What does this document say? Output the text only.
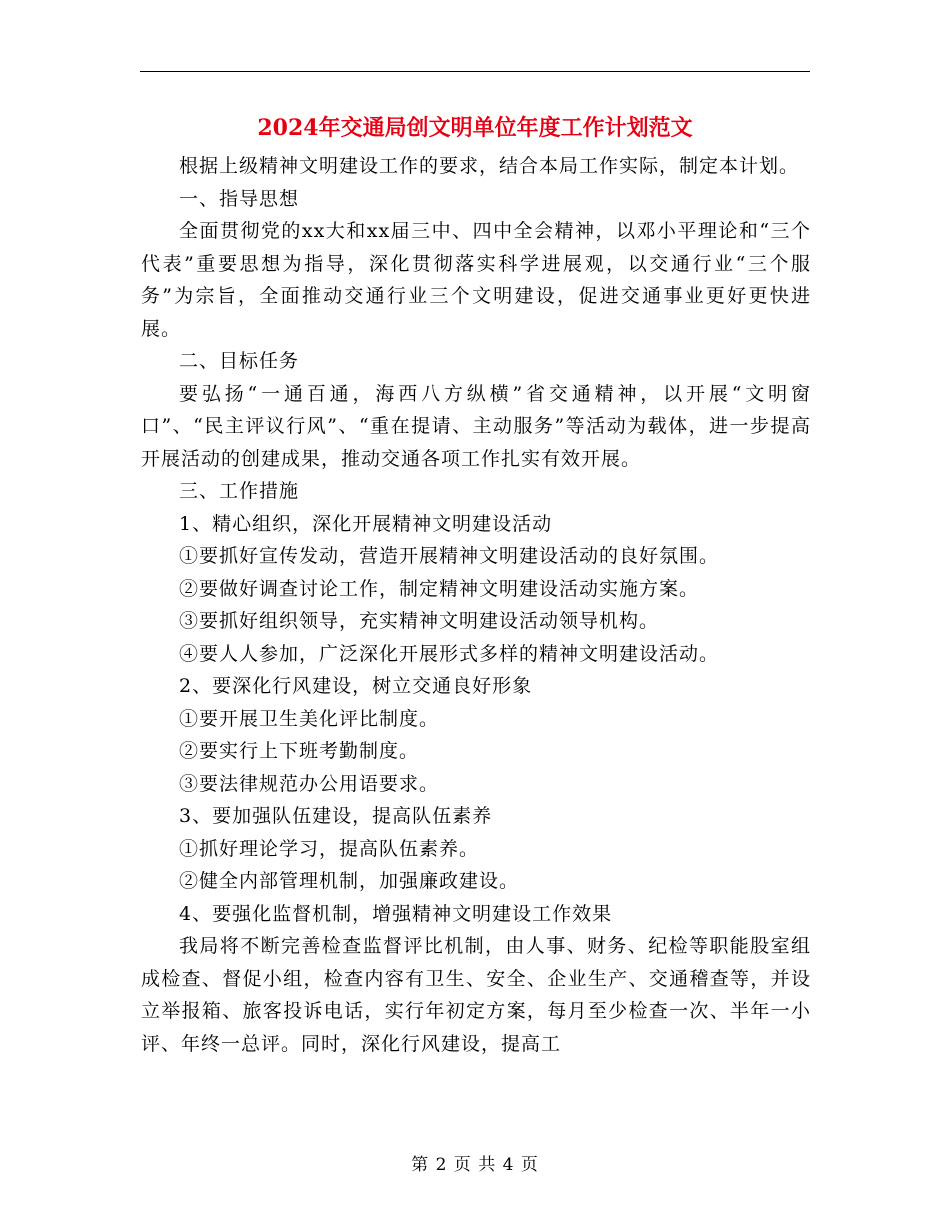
2024年交通局创文明单位年度工作计划范文

根据上级精神文明建设工作的要求，结合本局工作实际，制定本计划。

一、指导思想

全面贯彻党的xx大和xx届三中、四中全会精神，以邓小平理论和“三个代表”重要思想为指导，深化贯彻落实科学进展观，以交通行业“三个服务”为宗旨，全面推动交通行业三个文明建设，促进交通事业更好更快进展。

二、目标任务

要弘扬“一通百通，海西八方纵横”省交通精神，以开展“文明窗口”、“民主评议行风”、“重在提请、主动服务”等活动为载体，进一步提高开展活动的创建成果，推动交通各项工作扎实有效开展。

三、工作措施

1、精心组织，深化开展精神文明建设活动

①要抓好宣传发动，营造开展精神文明建设活动的良好氛围。

②要做好调查讨论工作，制定精神文明建设活动实施方案。

③要抓好组织领导，充实精神文明建设活动领导机构。

④要人人参加，广泛深化开展形式多样的精神文明建设活动。

2、要深化行风建设，树立交通良好形象

①要开展卫生美化评比制度。

②要实行上下班考勤制度。

③要法律规范办公用语要求。

3、要加强队伍建设，提高队伍素养

①抓好理论学习，提高队伍素养。

②健全内部管理机制，加强廉政建设。

4、要强化监督机制，增强精神文明建设工作效果

我局将不断完善检查监督评比机制，由人事、财务、纪检等职能股室组成检查、督促小组，检查内容有卫生、安全、企业生产、交通稽查等，并设立举报箱、旅客投诉电话，实行年初定方案，每月至少检查一次、半年一小评、年终一总评。同时，深化行风建设，提高工

第 2 页 共 4 页
